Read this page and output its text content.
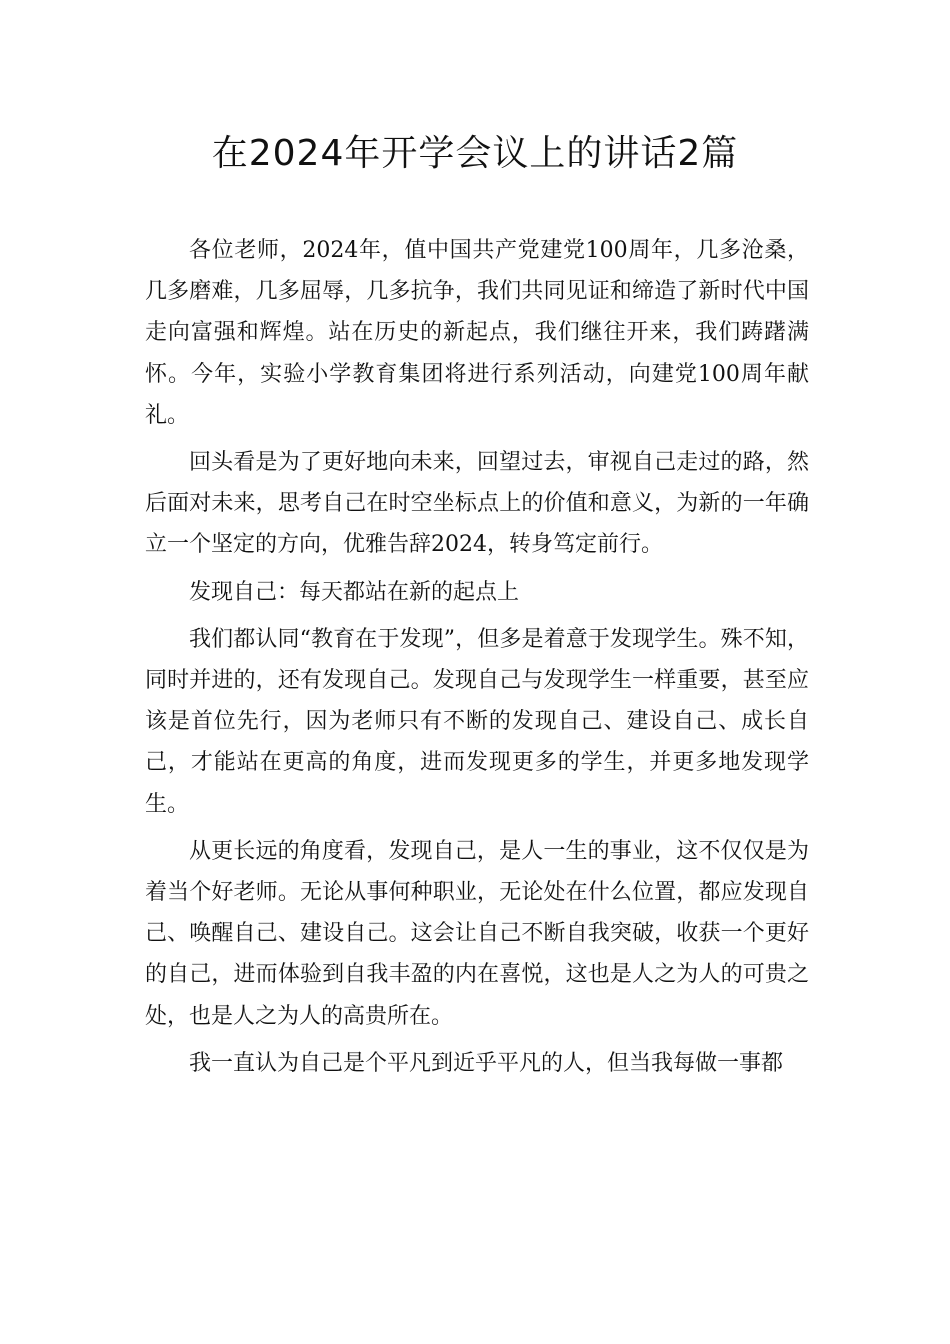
在2024年开学会议上的讲话2篇

各位老师，2024年，值中国共产党建党100周年，几多沧桑，几多磨难，几多屈辱，几多抗争，我们共同见证和缔造了新时代中国走向富强和辉煌。站在历史的新起点，我们继往开来，我们踌躇满怀。今年，实验小学教育集团将进行系列活动，向建党100周年献礼。

回头看是为了更好地向未来，回望过去，审视自己走过的路，然后面对未来，思考自己在时空坐标点上的价值和意义，为新的一年确立一个坚定的方向，优雅告辞2024，转身笃定前行。

发现自己：每天都站在新的起点上

我们都认同“教育在于发现”，但多是着意于发现学生。殊不知，同时并进的，还有发现自己。发现自己与发现学生一样重要，甚至应该是首位先行，因为老师只有不断的发现自己、建设自己、成长自己，才能站在更高的角度，进而发现更多的学生，并更多地发现学生。

从更长远的角度看，发现自己，是人一生的事业，这不仅仅是为着当个好老师。无论从事何种职业，无论处在什么位置，都应发现自己、唤醒自己、建设自己。这会让自己不断自我突破，收获一个更好的自己，进而体验到自我丰盈的内在喜悦，这也是人之为人的可贵之处，也是人之为人的高贵所在。

我一直认为自己是个平凡到近乎平凡的人，但当我每做一事都
